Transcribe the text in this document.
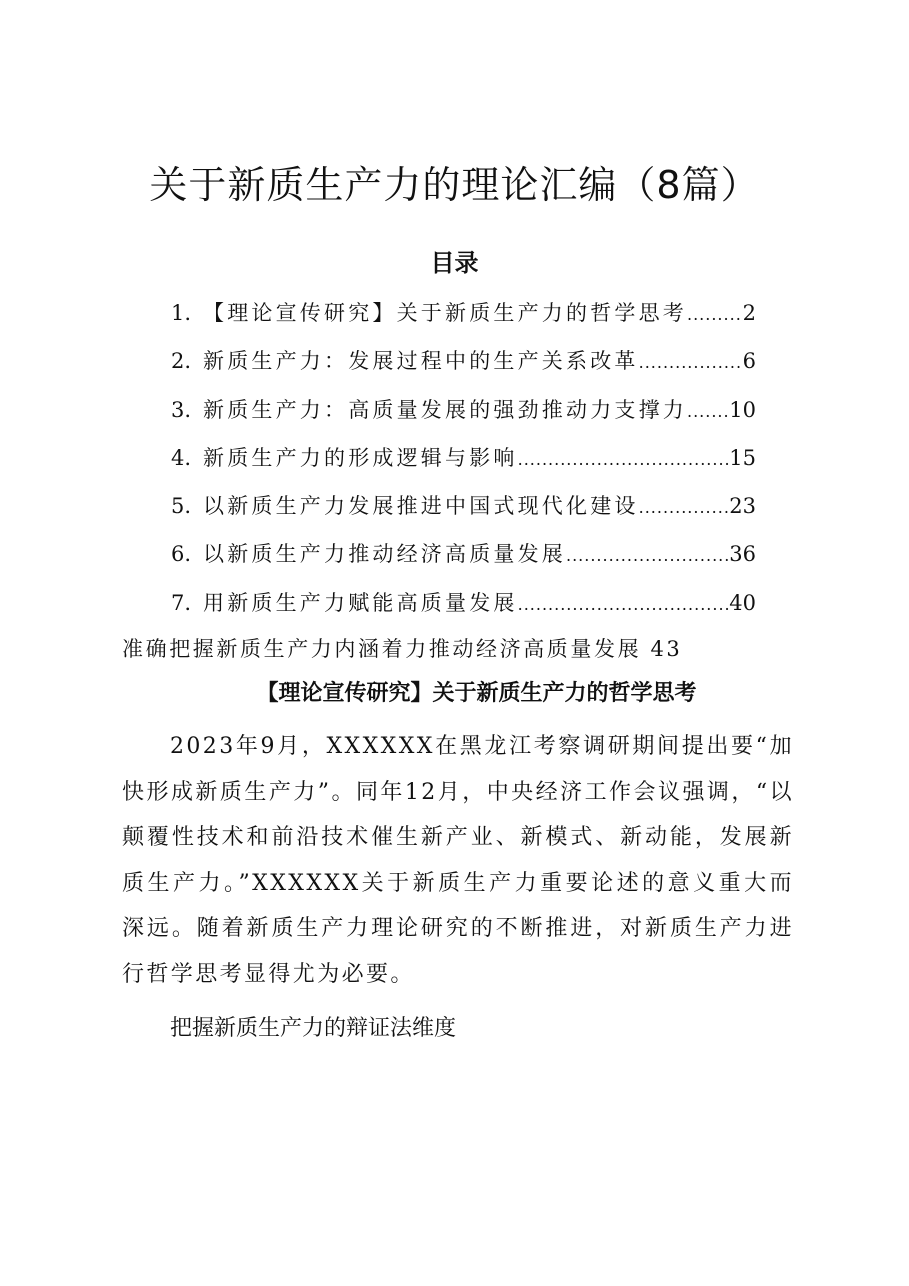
关于新质生产力的理论汇编（8篇）
目录
1. 【理论宣传研究】关于新质生产力的哲学思考 .....	2
2. 新质生产力：发展过程中的生产关系改革 .....	6
3. 新质生产力：高质量发展的强劲推动力支撑力 ..... 10
4. 新质生产力的形成逻辑与影响 .....	15
5. 以新质生产力发展推进中国式现代化建设 .....	23
6. 以新质生产力推动经济高质量发展 .....	36
7. 用新质生产力赋能高质量发展 .....	40
准确把握新质生产力内涵着力推动经济高质量发展 43
【理论宣传研究】关于新质生产力的哲学思考

2023年9月，XXXXXX在黑龙江考察调研期间提出要“加快形成新质生产力”。同年12月，中央经济工作会议强调，“以颠覆性技术和前沿技术催生新产业、新模式、新动能，发展新质生产力。”XXXXXX关于新质生产力重要论述的意义重大而深远。随着新质生产力理论研究的不断推进，对新质生产力进行哲学思考显得尤为必要。

把握新质生产力的辩证法维度
